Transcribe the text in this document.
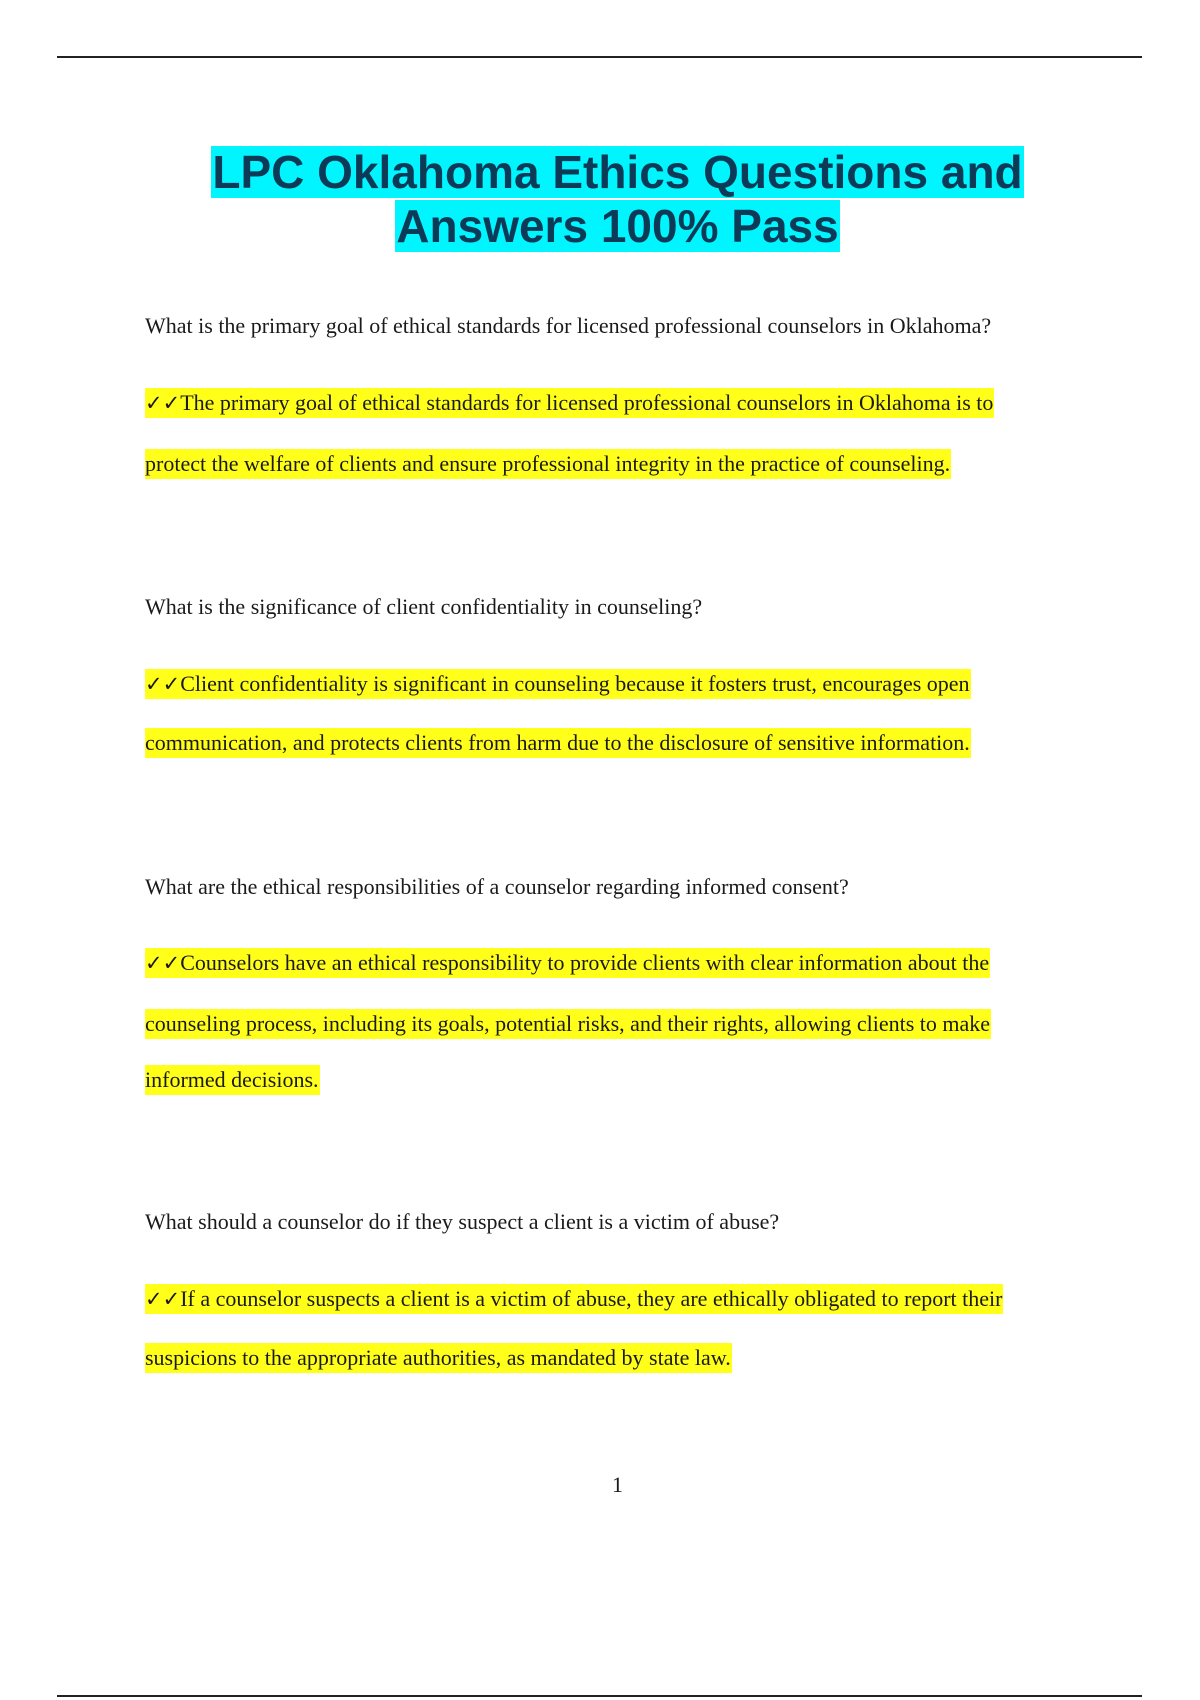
LPC Oklahoma Ethics Questions and
Answers 100% Pass
What is the primary goal of ethical standards for licensed professional counselors in Oklahoma?
✓✓The primary goal of ethical standards for licensed professional counselors in Oklahoma is to
protect the welfare of clients and ensure professional integrity in the practice of counseling.
What is the significance of client confidentiality in counseling?
✓✓Client confidentiality is significant in counseling because it fosters trust, encourages open
communication, and protects clients from harm due to the disclosure of sensitive information.
What are the ethical responsibilities of a counselor regarding informed consent?
✓✓Counselors have an ethical responsibility to provide clients with clear information about the
counseling process, including its goals, potential risks, and their rights, allowing clients to make
informed decisions.
What should a counselor do if they suspect a client is a victim of abuse?
✓✓If a counselor suspects a client is a victim of abuse, they are ethically obligated to report their
suspicions to the appropriate authorities, as mandated by state law.
1
